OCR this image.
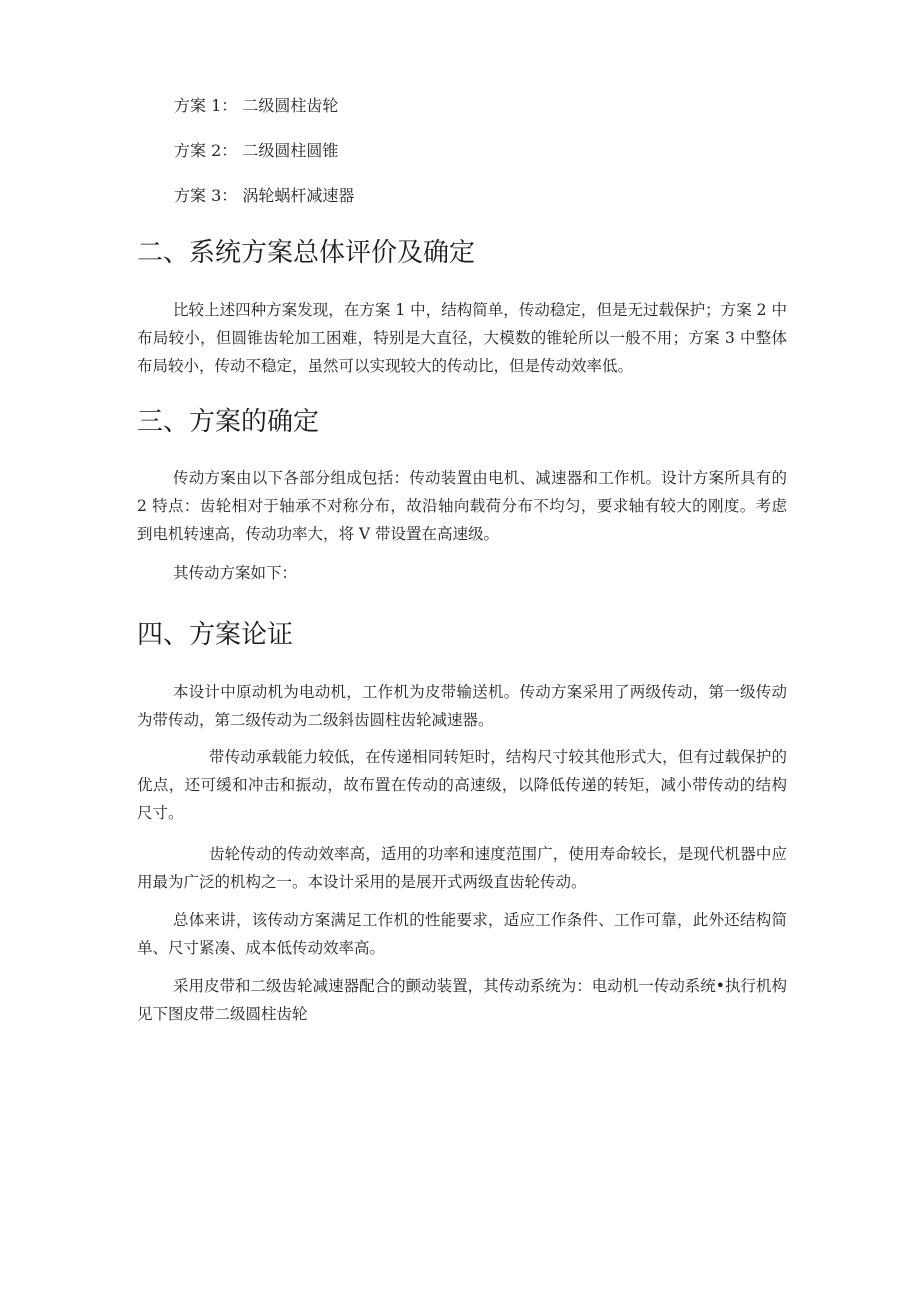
方案 1： 二级圆柱齿轮
方案 2： 二级圆柱圆锥
方案 3： 涡轮蜗杆减速器
二、系统方案总体评价及确定

比较上述四种方案发现，在方案 1 中，结构简单，传动稳定，但是无过载保护；方案 2 中布局较小，但圆锥齿轮加工困难，特别是大直径，大模数的锥轮所以一般不用；方案 3 中整体布局较小，传动不稳定，虽然可以实现较大的传动比，但是传动效率低。

三、方案的确定

传动方案由以下各部分组成包括：传动装置由电机、减速器和工作机。设计方案所具有的 2 特点：齿轮相对于轴承不对称分布，故沿轴向载荷分布不均匀，要求轴有较大的刚度。考虑到电机转速高，传动功率大，将 V 带设置在高速级。

其传动方案如下：

四、方案论证

本设计中原动机为电动机，工作机为皮带输送机。传动方案采用了两级传动，第一级传动为带传动，第二级传动为二级斜齿圆柱齿轮减速器。

带传动承载能力较低，在传递相同转矩时，结构尺寸较其他形式大，但有过载保护的优点，还可缓和冲击和振动，故布置在传动的高速级，以降低传递的转矩，减小带传动的结构尺寸。

齿轮传动的传动效率高，适用的功率和速度范围广，使用寿命较长，是现代机器中应用最为广泛的机构之一。本设计采用的是展开式两级直齿轮传动。

总体来讲，该传动方案满足工作机的性能要求，适应工作条件、工作可靠，此外还结构简单、尺寸紧凑、成本低传动效率高。

采用皮带和二级齿轮减速器配合的颤动装置，其传动系统为：电动机一传动系统•执行机构见下图皮带二级圆柱齿轮
